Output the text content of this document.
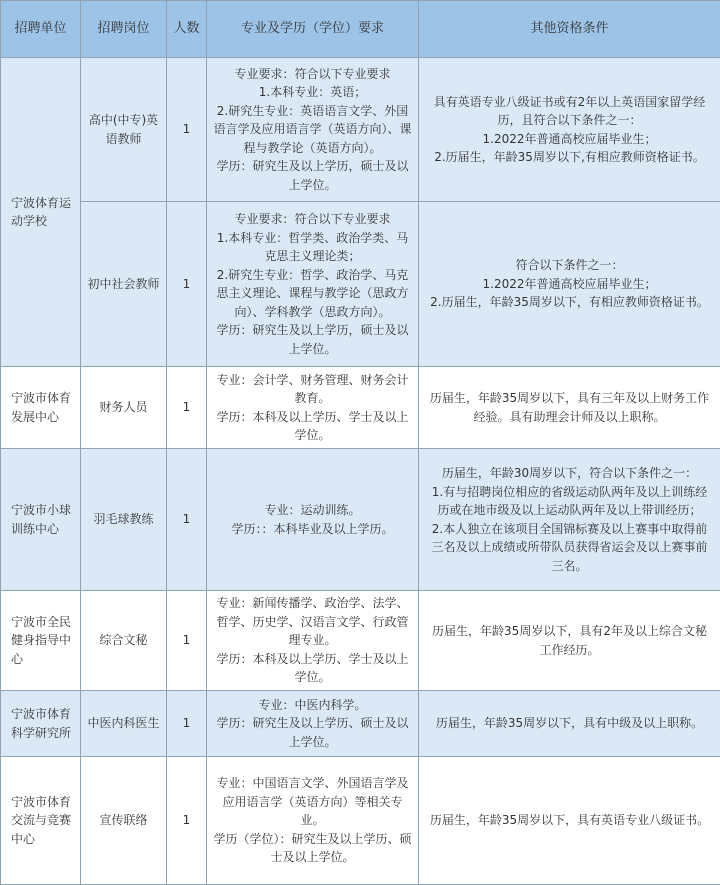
招聘单位	招聘岗位	人数	专业及学历（学位）要求	其他资格条件
宁波体育运动学校	高中(中专)英语教师	1	专业要求：符合以下专业要求
1.本科专业：英语；
2.研究生专业：英语语言文学、外国语言学及应用语言学（英语方向）、课程与教学论（英语方向）。
学历：研究生及以上学历，硕士及以上学位。	具有英语专业八级证书或有2年以上英语国家留学经历，且符合以下条件之一：
1.2022年普通高校应届毕业生；
2.历届生，年龄35周岁以下,有相应教师资格证书。
	初中社会教师	1	专业要求：符合以下专业要求
1.本科专业：哲学类、政治学类、马克思主义理论类；
2.研究生专业：哲学、政治学、马克思主义理论、课程与教学论（思政方向）、学科教学（思政方向）。
学历：研究生及以上学历，硕士及以上学位。	符合以下条件之一：
1.2022年普通高校应届毕业生；
2.历届生，年龄35周岁以下，有相应教师资格证书。
宁波市体育发展中心	财务人员	1	专业：会计学、财务管理、财务会计教育。
学历：本科及以上学历、学士及以上学位。	历届生，年龄35周岁以下，具有三年及以上财务工作经验。具有助理会计师及以上职称。
宁波市小球训练中心	羽毛球教练	1	专业：运动训练。
学历：：本科毕业及以上学历。	历届生，年龄30周岁以下，符合以下条件之一：
1.有与招聘岗位相应的省级运动队两年及以上训练经历或在地市级及以上运动队两年及以上带训经历；
2.本人独立在该项目全国锦标赛及以上赛事中取得前三名及以上成绩或所带队员获得省运会及以上赛事前三名。
宁波市全民健身指导中心	综合文秘	1	专业：新闻传播学、政治学、法学、哲学、历史学、汉语言文学、行政管理专业。
学历：本科及以上学历、学士及以上学位。	历届生，年龄35周岁以下，具有2年及以上综合文秘工作经历。
宁波市体育科学研究所	中医内科医生	1	专业：中医内科学。
学历：研究生及以上学历、硕士及以上学位。	历届生，年龄35周岁以下，具有中级及以上职称。
宁波市体育交流与竞赛中心	宣传联络	1	专业：中国语言文学、外国语言学及应用语言学（英语方向）等相关专业。
学历（学位）：研究生及以上学历、硕士及以上学位。	历届生，年龄35周岁以下，具有英语专业八级证书。
